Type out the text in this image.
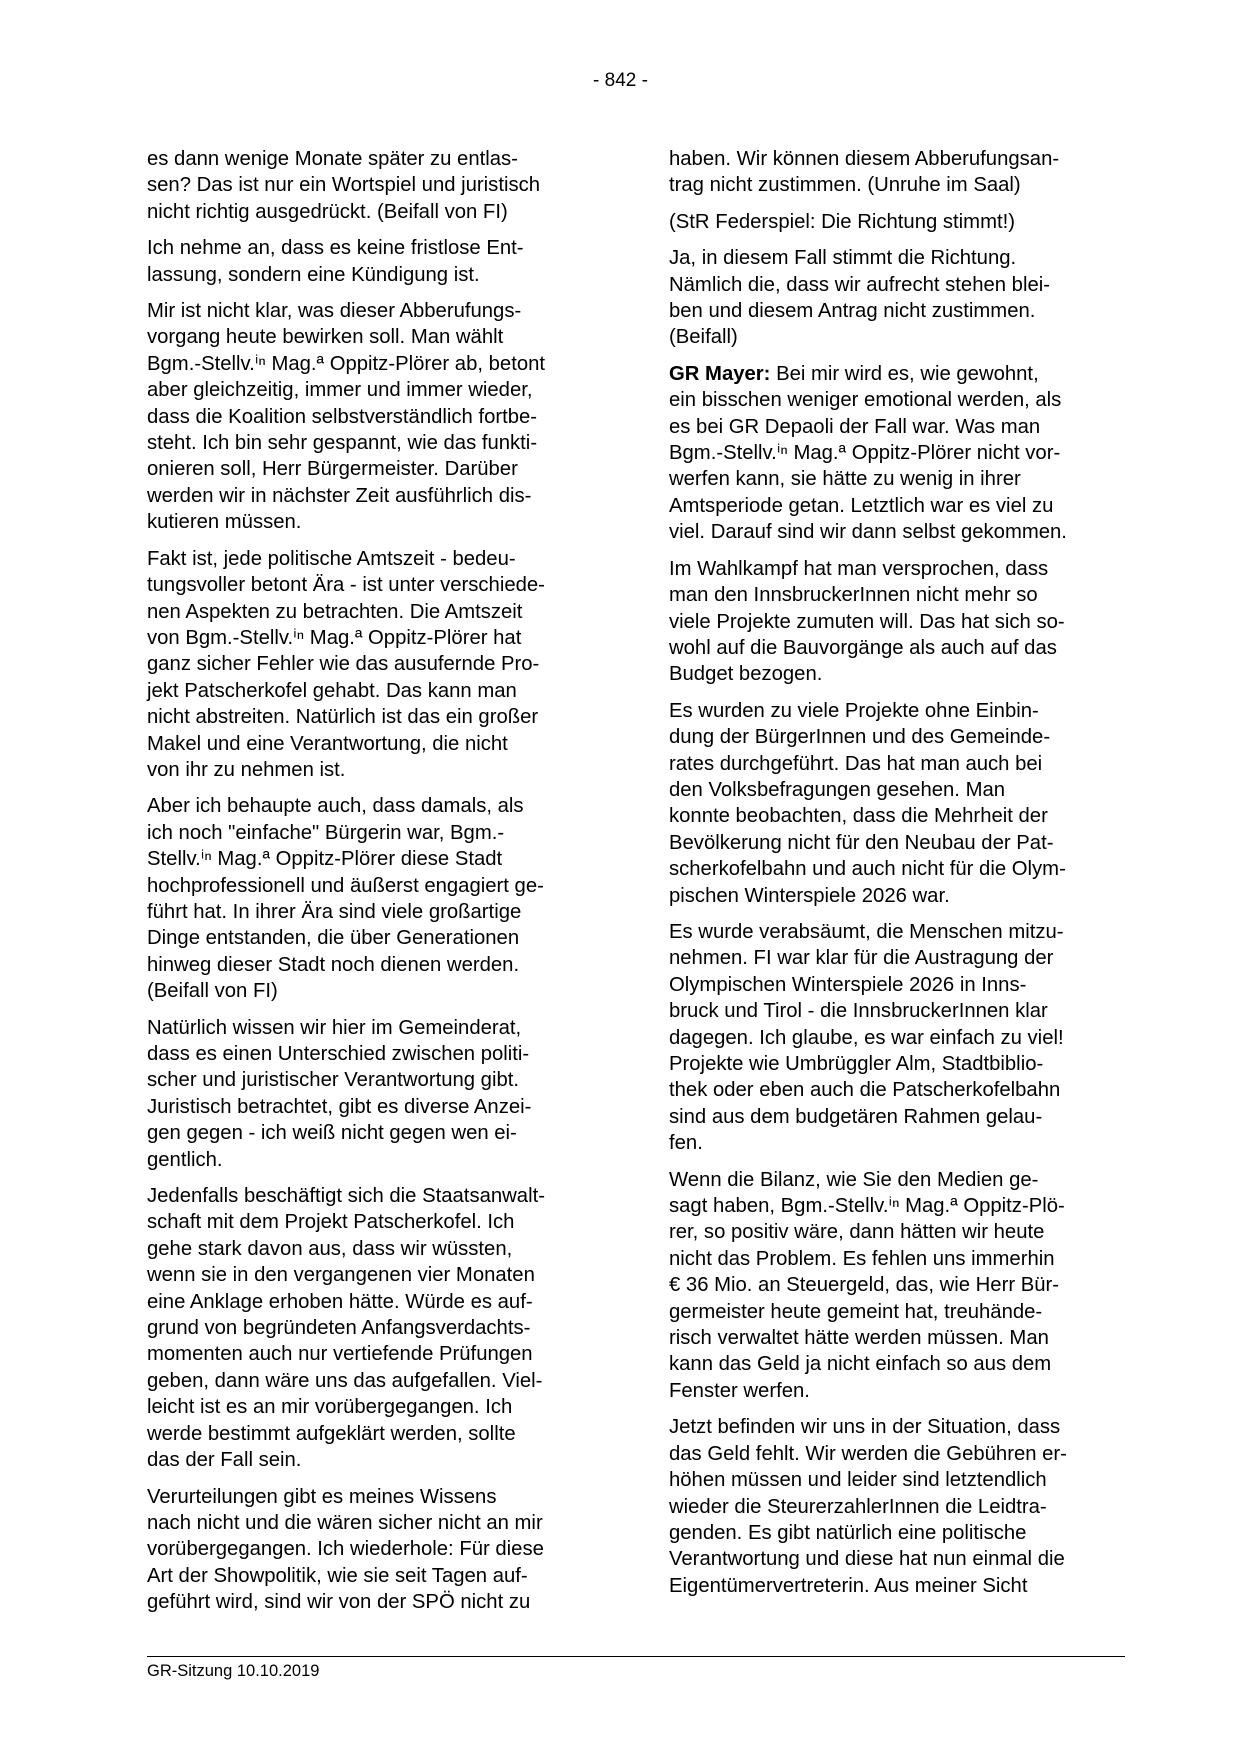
- 842 -

es dann wenige Monate später zu entlas-
sen? Das ist nur ein Wortspiel und juristisch
nicht richtig ausgedrückt. (Beifall von FI)

Ich nehme an, dass es keine fristlose Ent-
lassung, sondern eine Kündigung ist.

Mir ist nicht klar, was dieser Abberufungs-
vorgang heute bewirken soll. Man wählt
Bgm.-Stellv.ⁱⁿ Mag.ª Oppitz-Plörer ab, betont
aber gleichzeitig, immer und immer wieder,
dass die Koalition selbstverständlich fortbe-
steht. Ich bin sehr gespannt, wie das funkti-
onieren soll, Herr Bürgermeister. Darüber
werden wir in nächster Zeit ausführlich dis-
kutieren müssen.

Fakt ist, jede politische Amtszeit - bedeu-
tungsvoller betont Ära - ist unter verschiede-
nen Aspekten zu betrachten. Die Amtszeit
von Bgm.-Stellv.ⁱⁿ Mag.ª Oppitz-Plörer hat
ganz sicher Fehler wie das ausufernde Pro-
jekt Patscherkofel gehabt. Das kann man
nicht abstreiten. Natürlich ist das ein großer
Makel und eine Verantwortung, die nicht
von ihr zu nehmen ist.

Aber ich behaupte auch, dass damals, als
ich noch "einfache" Bürgerin war, Bgm.-
Stellv.ⁱⁿ Mag.ª Oppitz-Plörer diese Stadt
hochprofessionell und äußerst engagiert ge-
führt hat. In ihrer Ära sind viele großartige
Dinge entstanden, die über Generationen
hinweg dieser Stadt noch dienen werden.
(Beifall von FI)

Natürlich wissen wir hier im Gemeinderat,
dass es einen Unterschied zwischen politi-
scher und juristischer Verantwortung gibt.
Juristisch betrachtet, gibt es diverse Anzei-
gen gegen - ich weiß nicht gegen wen ei-
gentlich.

Jedenfalls beschäftigt sich die Staatsanwalt-
schaft mit dem Projekt Patscherkofel. Ich
gehe stark davon aus, dass wir wüssten,
wenn sie in den vergangenen vier Monaten
eine Anklage erhoben hätte. Würde es auf-
grund von begründeten Anfangsverdachts-
momenten auch nur vertiefende Prüfungen
geben, dann wäre uns das aufgefallen. Viel-
leicht ist es an mir vorübergegangen. Ich
werde bestimmt aufgeklärt werden, sollte
das der Fall sein.

Verurteilungen gibt es meines Wissens
nach nicht und die wären sicher nicht an mir
vorübergegangen. Ich wiederhole: Für diese
Art der Showpolitik, wie sie seit Tagen auf-
geführt wird, sind wir von der SPÖ nicht zu

haben. Wir können diesem Abberufungsan-
trag nicht zustimmen. (Unruhe im Saal)

(StR Federspiel: Die Richtung stimmt!)

Ja, in diesem Fall stimmt die Richtung.
Nämlich die, dass wir aufrecht stehen blei-
ben und diesem Antrag nicht zustimmen.
(Beifall)

GR Mayer: Bei mir wird es, wie gewohnt,
ein bisschen weniger emotional werden, als
es bei GR Depaoli der Fall war. Was man
Bgm.-Stellv.ⁱⁿ Mag.ª Oppitz-Plörer nicht vor-
werfen kann, sie hätte zu wenig in ihrer
Amtsperiode getan. Letztlich war es viel zu
viel. Darauf sind wir dann selbst gekommen.

Im Wahlkampf hat man versprochen, dass
man den InnsbruckerInnen nicht mehr so
viele Projekte zumuten will. Das hat sich so-
wohl auf die Bauvorgänge als auch auf das
Budget bezogen.

Es wurden zu viele Projekte ohne Einbin-
dung der BürgerInnen und des Gemeinde-
rates durchgeführt. Das hat man auch bei
den Volksbefragungen gesehen. Man
konnte beobachten, dass die Mehrheit der
Bevölkerung nicht für den Neubau der Pat-
scherkofelbahn und auch nicht für die Olym-
pischen Winterspiele 2026 war.

Es wurde verabsäumt, die Menschen mitzu-
nehmen. FI war klar für die Austragung der
Olympischen Winterspiele 2026 in Inns-
bruck und Tirol - die InnsbruckerInnen klar
dagegen. Ich glaube, es war einfach zu viel!
Projekte wie Umbrüggler Alm, Stadtbiblio-
thek oder eben auch die Patscherkofelbahn
sind aus dem budgetären Rahmen gelau-
fen.

Wenn die Bilanz, wie Sie den Medien ge-
sagt haben, Bgm.-Stellv.ⁱⁿ Mag.ª Oppitz-Plö-
rer, so positiv wäre, dann hätten wir heute
nicht das Problem. Es fehlen uns immerhin
€ 36 Mio. an Steuergeld, das, wie Herr Bür-
germeister heute gemeint hat, treuhände-
risch verwaltet hätte werden müssen. Man
kann das Geld ja nicht einfach so aus dem
Fenster werfen.

Jetzt befinden wir uns in der Situation, dass
das Geld fehlt. Wir werden die Gebühren er-
höhen müssen und leider sind letztendlich
wieder die SteurerzahlerInnen die Leidtra-
genden. Es gibt natürlich eine politische
Verantwortung und diese hat nun einmal die
Eigentümervertreterin. Aus meiner Sicht

GR-Sitzung 10.10.2019
